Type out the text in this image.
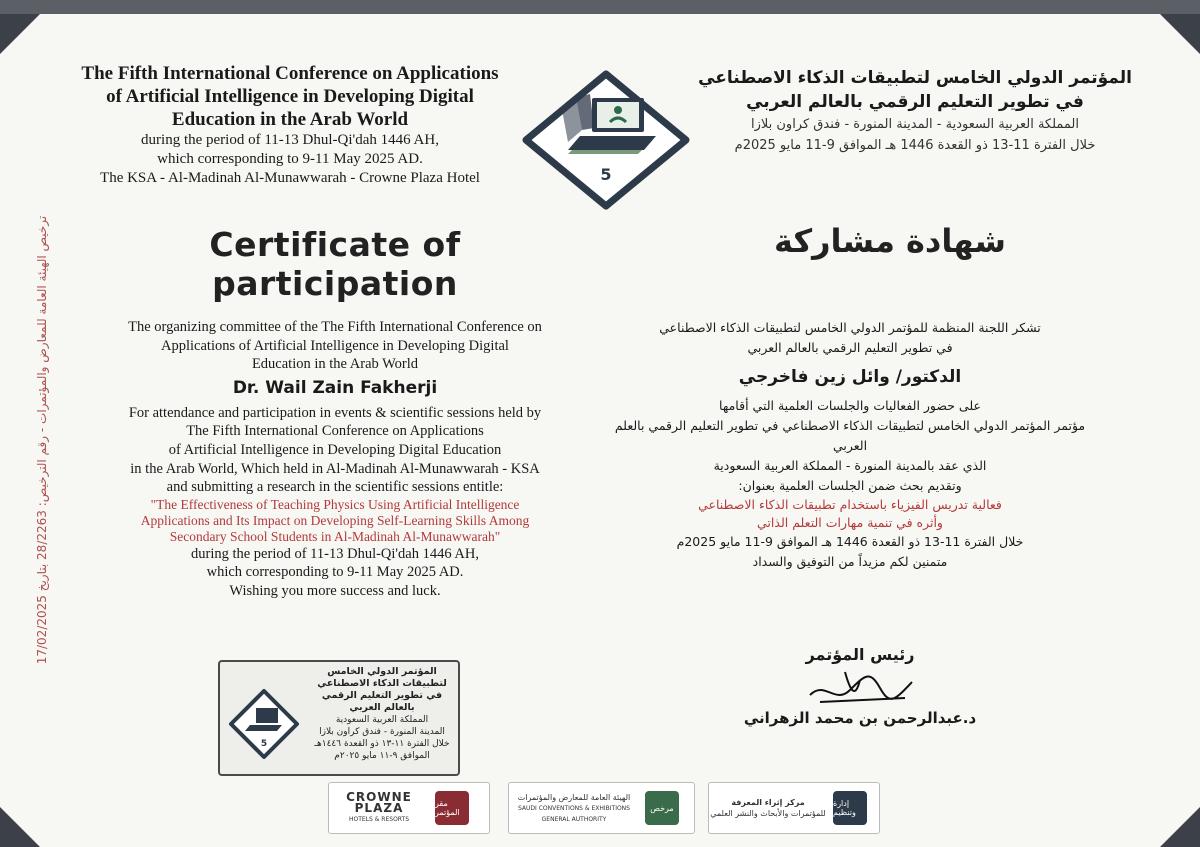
ترخيص الهيئة العامة للمعارض والمؤتمرات - رقم الترخيص: 28/2263 بتاريخ 17/02/2025
The Fifth International Conference on Applications
of Artificial Intelligence in Developing Digital
Education in the Arab World
during the period of 11-13 Dhul-Qi'dah 1446 AH,
which corresponding to 9-11 May 2025 AD.
The KSA - Al-Madinah Al-Munawwarah - Crowne Plaza Hotel	5
المؤتمر الدولي الخامس لتطبيقات الذكاء الاصطناعي
في تطوير التعليم الرقمي بالعالم العربي
المملكة العربية السعودية - المدينة المنورة - فندق كراون بلازا
خلال الفترة 11-13 ذو القعدة 1446 هـ الموافق 9-11 مايو 2025م
Certificate of participation
شهادة مشاركة
The organizing committee of the The Fifth International Conference on
Applications of Artificial Intelligence in Developing Digital
Education in the Arab World
Dr. Wail Zain Fakherji
For attendance and participation in events & scientific sessions held by
The Fifth International Conference on Applications
of Artificial Intelligence in Developing Digital Education
in the Arab World, Which held in Al-Madinah Al-Munawwarah - KSA
and submitting a research in the scientific sessions entitle:
"The Effectiveness of Teaching Physics Using Artificial Intelligence
Applications and Its Impact on Developing Self-Learning Skills Among
Secondary School Students in Al-Madinah Al-Munawwarah"
during the period of 11-13 Dhul-Qi'dah 1446 AH,
which corresponding to 9-11 May 2025 AD.
Wishing you more success and luck.
تشكر اللجنة المنظمة للمؤتمر الدولي الخامس لتطبيقات الذكاء الاصطناعي
في تطوير التعليم الرقمي بالعالم العربي
الدكتور/ وائل زين فاخرجي
على حضور الفعاليات والجلسات العلمية التي أقامها
مؤتمر المؤتمر الدولي الخامس لتطبيقات الذكاء الاصطناعي في تطوير التعليم الرقمي بالعلم العربي
الذي عقد بالمدينة المنورة - المملكة العربية السعودية
وتقديم بحث ضمن الجلسات العلمية بعنوان:
فعالية تدريس الفيزياء باستخدام تطبيقات الذكاء الاصطناعي
وأثره في تنمية مهارات التعلم الذاتي
خلال الفترة 11-13 ذو القعدة 1446 هـ الموافق 9-11 مايو 2025م
متمنين لكم مزيداً من التوفيق والسداد
رئيس المؤتمر
د.عبدالرحمن بن محمد الزهراني
المؤتمر الدولي الخامس
لتطبيقات الذكاء الاصطناعي
في تطوير التعليم الرقمي
بالعالم العربي
المملكة العربية السعودية
المدينة المنورة - فندق كراون بلازا
خلال الفترة ١١-١٣ ذو القعدة ١٤٤٦هـ
الموافق ٩-١١ مايو ٢٠٢٥م
5
CROWNE PLAZA
HOTELS & RESORTS
مقر المؤتمر
الهيئة العامة للمعارض والمؤتمرات
SAUDI CONVENTIONS & EXHIBITIONS GENERAL AUTHORITY
مرخص
مركز إثراء المعرفة
للمؤتمرات والأبحاث والنشر العلمي
إدارة وتنظيم
